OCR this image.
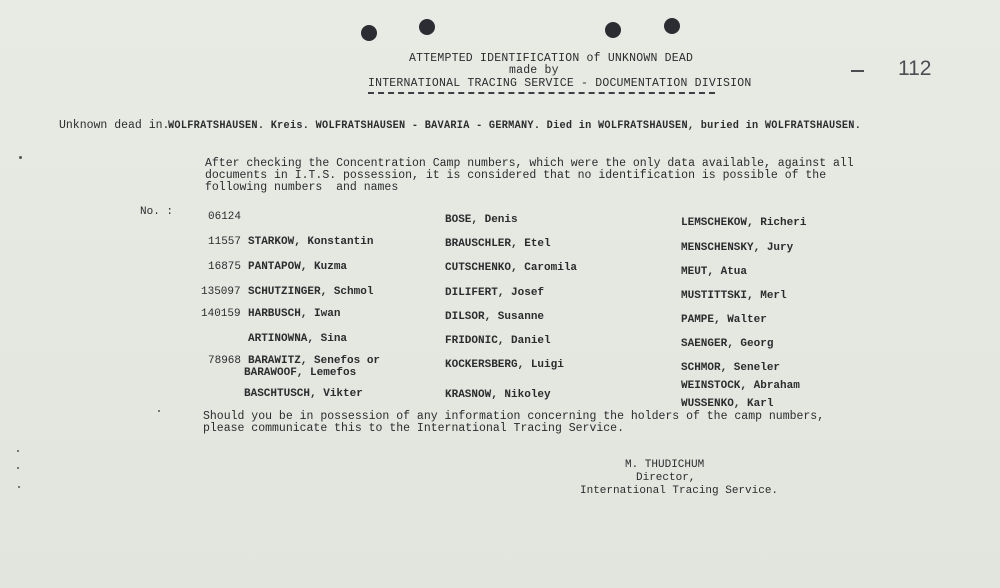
ATTEMPTED IDENTIFICATION of UNKNOWN DEAD
made by
INTERNATIONAL TRACING SERVICE - DOCUMENTATION DIVISION
112
Unknown dead in..
WOLFRATSHAUSEN. Kreis. WOLFRATSHAUSEN - BAVARIA - GERMANY. Died in WOLFRATSHAUSEN, buried in WOLFRATSHAUSEN.
After checking the Concentration Camp numbers, which were the only data available, against all
documents in I.T.S. possession, it is considered that no identification is possible of the
following numbers  and names
No. :	06124
11557 STARKOW, Konstantin
16875 PANTAPOW, Kuzma
135097 SCHUTZINGER, Schmol
140159 HARBUSCH, Iwan
ARTINOWNA, Sina
78968 BARAWITZ, Senefos or
BARAWOOF, Lemefos
BASCHTUSCH, Vikter
BOSE, Denis
BRAUSCHLER, Etel
CUTSCHENKO, Caromila
DILIFERT, Josef
DILSOR, Susanne
FRIDONIC, Daniel
KOCKERSBERG, Luigi
KRASNOW, Nikoley
LEMSCHEKOW, Richeri
MENSCHENSKY, Jury
MEUT, Atua
MUSTITTSKI, Merl
PAMPE, Walter
SAENGER, Georg
SCHMOR, Seneler
WEINSTOCK, Abraham
WUSSENKO, Karl
Should you be in possession of any information concerning the holders of the camp numbers,
please communicate this to the International Tracing Service.
M. THUDICHUM
Director,
International Tracing Service.
